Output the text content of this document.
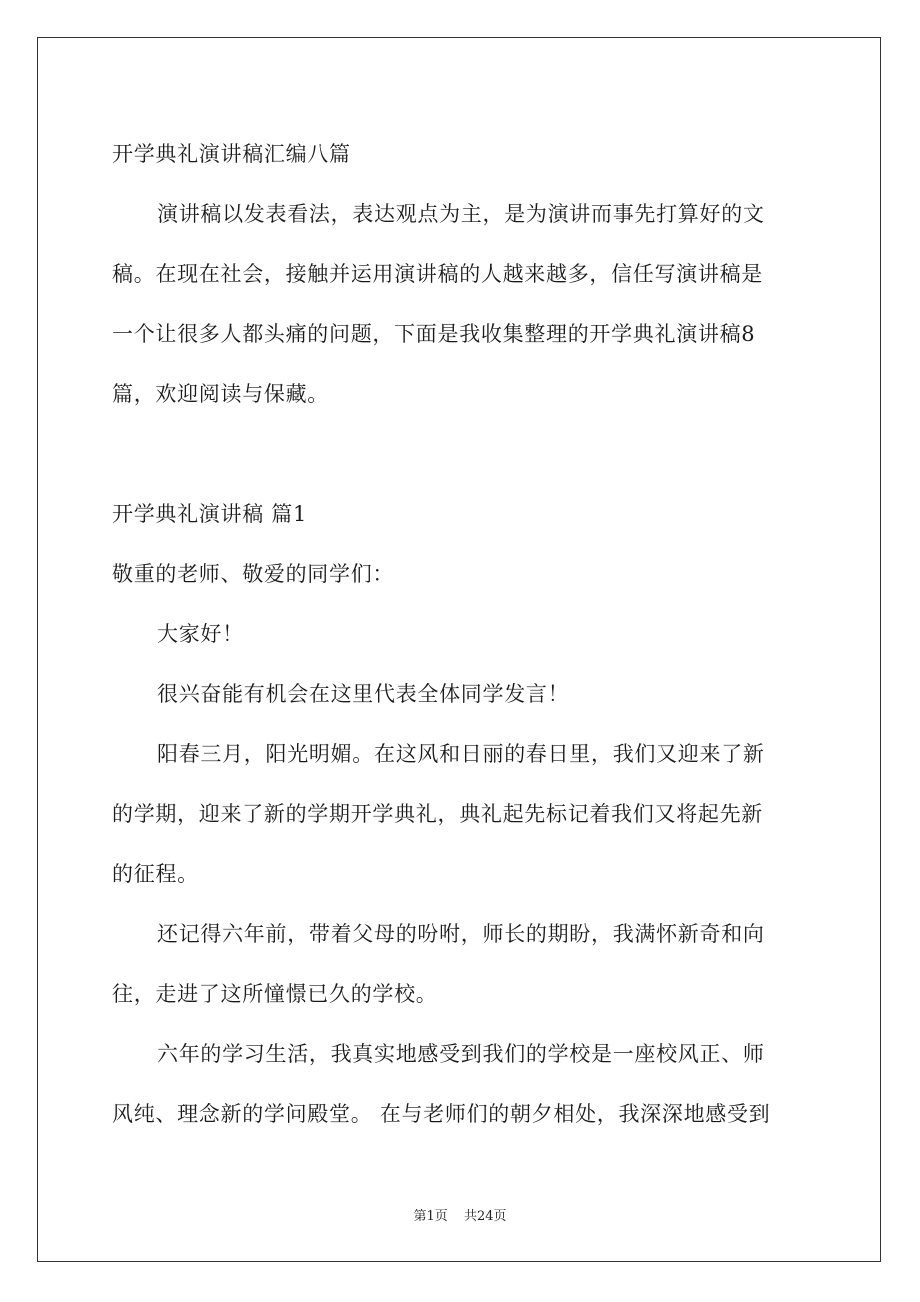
开学典礼演讲稿汇编八篇
演讲稿以发表看法，表达观点为主，是为演讲而事先打算好的文
稿。在现在社会，接触并运用演讲稿的人越来越多，信任写演讲稿是
一个让很多人都头痛的问题，下面是我收集整理的开学典礼演讲稿8
篇，欢迎阅读与保藏。
开学典礼演讲稿 篇1
敬重的老师、敬爱的同学们：
大家好！
很兴奋能有机会在这里代表全体同学发言！
阳春三月，阳光明媚。在这风和日丽的春日里，我们又迎来了新
的学期，迎来了新的学期开学典礼，典礼起先标记着我们又将起先新
的征程。
还记得六年前，带着父母的吩咐，师长的期盼，我满怀新奇和向
往，走进了这所憧憬已久的学校。
六年的学习生活，我真实地感受到我们的学校是一座校风正、师
风纯、理念新的学问殿堂。 在与老师们的朝夕相处，我深深地感受到
第1页 共24页
